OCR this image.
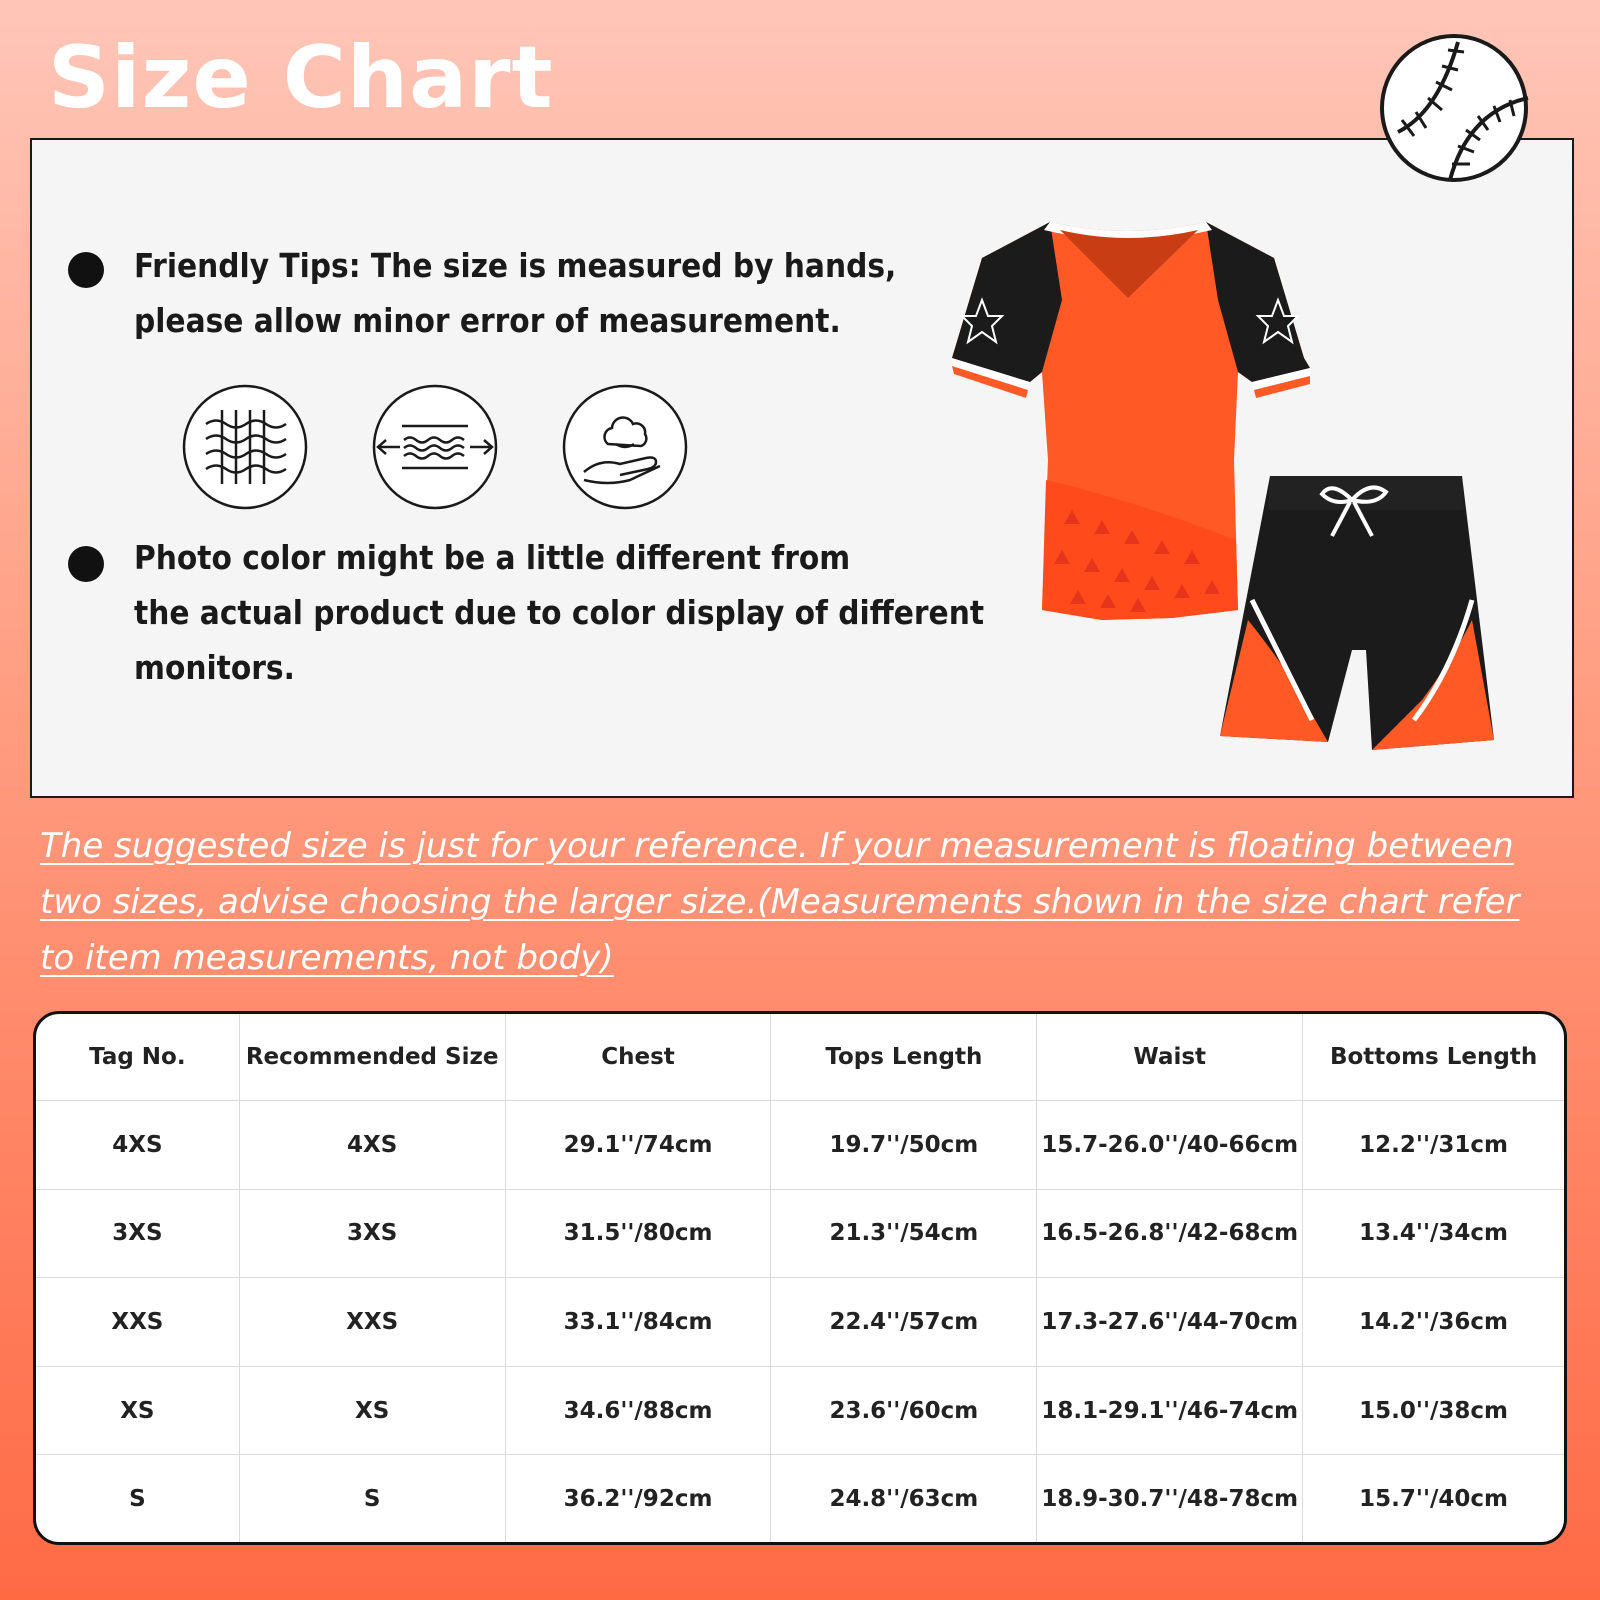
Size Chart

Friendly Tips: The size is measured by hands,
please allow minor error of measurement.

Photo color might be a little different from
the actual product due to color display of different
monitors.

The suggested size is just for your reference. If your measurement is floating between
two sizes, advise choosing the larger size.(Measurements shown in the size chart refer
to item measurements, not body)

Tag No.	Recommended Size	Chest	Tops Length	Waist	Bottoms Length
4XS	4XS	29.1''/74cm	19.7''/50cm	15.7-26.0''/40-66cm	12.2''/31cm
3XS	3XS	31.5''/80cm	21.3''/54cm	16.5-26.8''/42-68cm	13.4''/34cm
XXS	XXS	33.1''/84cm	22.4''/57cm	17.3-27.6''/44-70cm	14.2''/36cm
XS	XS	34.6''/88cm	23.6''/60cm	18.1-29.1''/46-74cm	15.0''/38cm
S	S	36.2''/92cm	24.8''/63cm	18.9-30.7''/48-78cm	15.7''/40cm
